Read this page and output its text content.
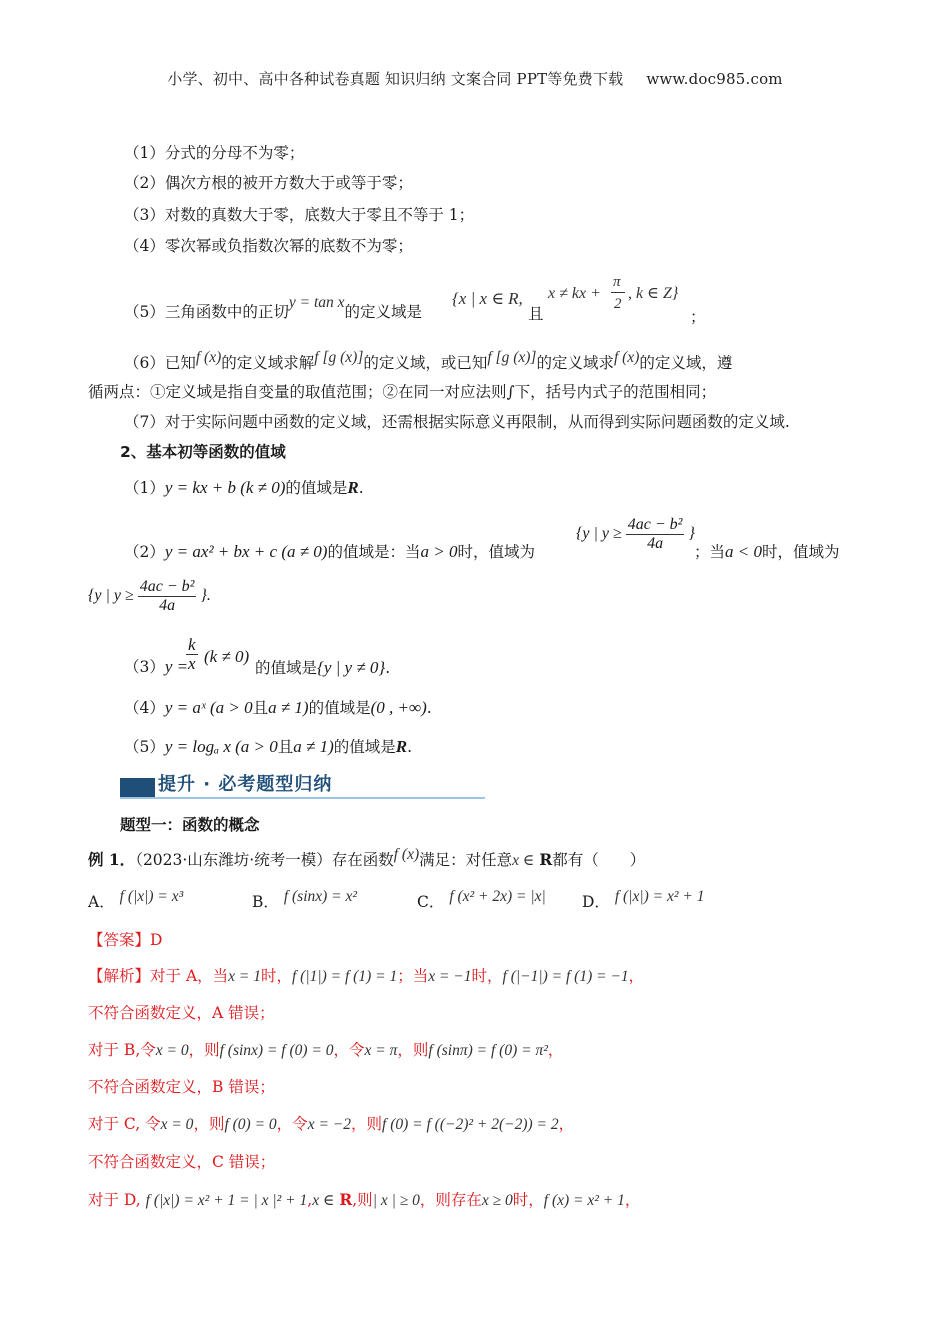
小学、初中、高中各种试卷真题 知识归纳 文案合同 PPT等免费下载 www.doc985.com
（1）分式的分母不为零；
（2）偶次方根的被开方数大于或等于零；
（3）对数的真数大于零，底数大于零且不等于 1；
（4）零次幂或负指数次幂的底数不为零；
（5）三角函数中的正切y = tan x的定义域是
{x | x ∈ R,
且
x ≠ kx +
π
2
, k ∈ Z}
；
（6）已知f (x)的定义域求解f [g (x)]的定义域，或已知f [g (x)]的定义域求f (x)的定义域，遵
循两点：①定义域是指自变量的取值范围；②在同一对应法则∫下，括号内式子的范围相同；
（7）对于实际问题中函数的定义域，还需根据实际意义再限制，从而得到实际问题函数的定义域.
2、基本初等函数的值域
（1）y = kx + b (k ≠ 0)的值域是R.
（2）y = ax² + bx + c (a ≠ 0)的值域是：当a > 0时，值域为
{y | $y \ge \frac{\text{4ac − b²}}{4a}$ }
；当a < 0时，值域为
{y | $y \ge \frac{\text{4ac − b²}}{4a}$ }.
（3）y =
$\frac{k}{x} (k \ne 0)$
的值域是{y | y ≠ 0}.
（4）y = aˣ (a > 0且a ≠ 1)的值域是(0 , +∞).
（5）y = logₐ x (a > 0且a ≠ 1)的值域是R.
提升 · 必考题型归纳
题型一：函数的概念
例 1．（2023·山东潍坊·统考一模）存在函数f (x)满足：对任意x ∈ R都有（　　）
A． f (|x|) = x³	B． f (sinx) = x²	C． f (x² + 2x) = |x| D． f (|x|) = x² + 1
【答案】D
【解析】对于 A，当x = 1时，f (|1|) = f (1) = 1；当x = −1时，f (|−1|) = f (1) = −1，
不符合函数定义，A 错误；
对于 B,令x = 0，则f (sinx) = f (0) = 0，令x = π，则f (sinπ) = f (0) = π²，
不符合函数定义，B 错误；
对于 C, 令x = 0，则f (0) = 0，令x = −2，则f (0) = f ((−2)² + 2(−2)) = 2，
不符合函数定义，C 错误；
对于 D, f (|x|) = x² + 1 = | x |² + 1,x ∈ R,则| x | ≥ 0，则存在x ≥ 0时，f (x) = x² + 1，
